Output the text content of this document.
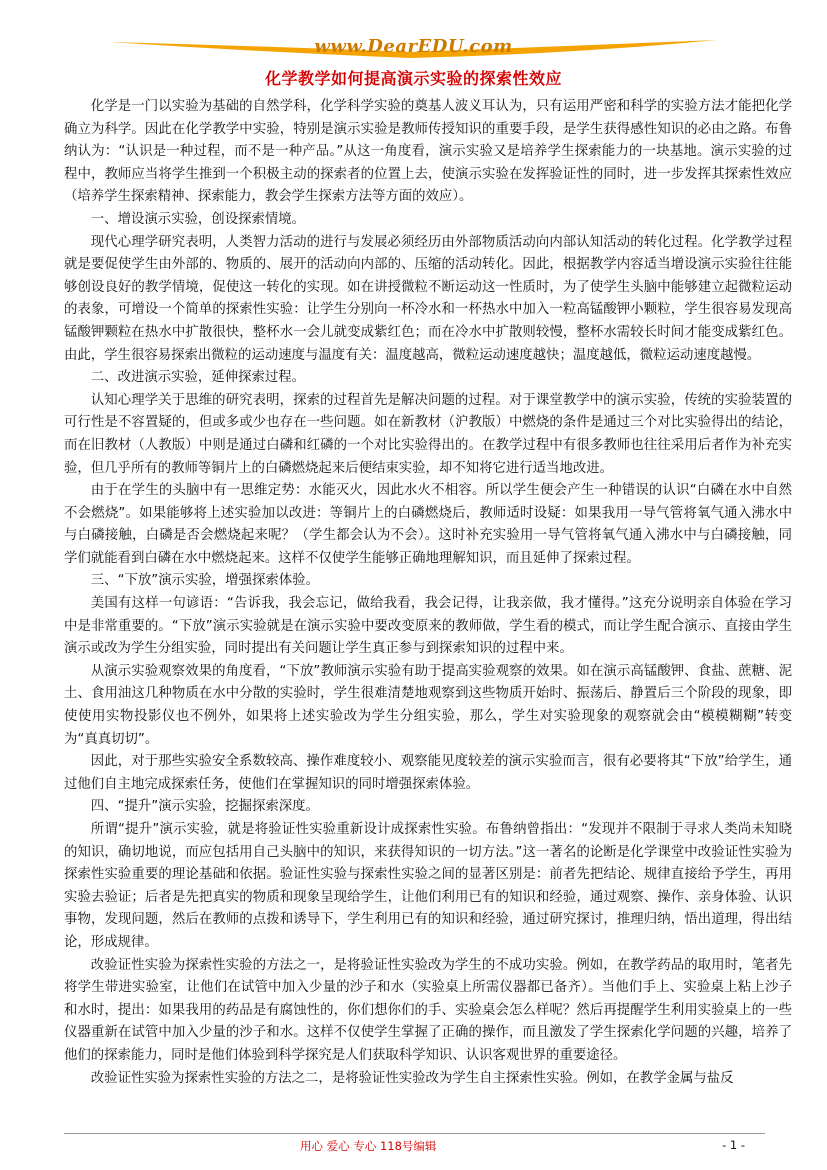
www.DearEDU.com
化学教学如何提高演示实验的探索性效应

化学是一门以实验为基础的自然学科，化学科学实验的奠基人波义耳认为，只有运用严密和科学的实验方法才能把化学确立为科学。因此在化学教学中实验，特别是演示实验是教师传授知识的重要手段，是学生获得感性知识的必由之路。布鲁纳认为：“认识是一种过程，而不是一种产品。”从这一角度看，演示实验又是培养学生探索能力的一块基地。演示实验的过程中，教师应当将学生推到一个积极主动的探索者的位置上去，使演示实验在发挥验证性的同时，进一步发挥其探索性效应（培养学生探索精神、探索能力，教会学生探索方法等方面的效应）。

一、增设演示实验，创设探索情境。

现代心理学研究表明，人类智力活动的进行与发展必须经历由外部物质活动向内部认知活动的转化过程。化学教学过程就是要促使学生由外部的、物质的、展开的活动向内部的、压缩的活动转化。因此，根据教学内容适当增设演示实验往往能够创设良好的教学情境，促使这一转化的实现。如在讲授微粒不断运动这一性质时，为了使学生头脑中能够建立起微粒运动的表象，可增设一个简单的探索性实验：让学生分别向一杯冷水和一杯热水中加入一粒高锰酸钾小颗粒，学生很容易发现高锰酸钾颗粒在热水中扩散很快，整杯水一会儿就变成紫红色；而在冷水中扩散则较慢，整杯水需较长时间才能变成紫红色。由此，学生很容易探索出微粒的运动速度与温度有关：温度越高，微粒运动速度越快；温度越低，微粒运动速度越慢。

二、改进演示实验，延伸探索过程。

认知心理学关于思维的研究表明，探索的过程首先是解决问题的过程。对于课堂教学中的演示实验，传统的实验装置的可行性是不容置疑的，但或多或少也存在一些问题。如在新教材（沪教版）中燃烧的条件是通过三个对比实验得出的结论，而在旧教材（人教版）中则是通过白磷和红磷的一个对比实验得出的。在教学过程中有很多教师也往往采用后者作为补充实验，但几乎所有的教师等铜片上的白磷燃烧起来后便结束实验，却不知将它进行适当地改进。

由于在学生的头脑中有一思维定势：水能灭火，因此水火不相容。所以学生便会产生一种错误的认识“白磷在水中自然不会燃烧”。如果能够将上述实验加以改进：等铜片上的白磷燃烧后，教师适时设疑：如果我用一导气管将氧气通入沸水中与白磷接触，白磷是否会燃烧起来呢？（学生都会认为不会）。这时补充实验用一导气管将氧气通入沸水中与白磷接触，同学们就能看到白磷在水中燃烧起来。这样不仅使学生能够正确地理解知识，而且延伸了探索过程。

三、“下放”演示实验，增强探索体验。

美国有这样一句谚语：“告诉我，我会忘记，做给我看，我会记得，让我亲做，我才懂得。”这充分说明亲自体验在学习中是非常重要的。“下放”演示实验就是在演示实验中要改变原来的教师做，学生看的模式，而让学生配合演示、直接由学生演示或改为学生分组实验，同时提出有关问题让学生真正参与到探索知识的过程中来。

从演示实验观察效果的角度看，“下放”教师演示实验有助于提高实验观察的效果。如在演示高锰酸钾、食盐、蔗糖、泥土、食用油这几种物质在水中分散的实验时，学生很难清楚地观察到这些物质开始时、振荡后、静置后三个阶段的现象，即使使用实物投影仪也不例外，如果将上述实验改为学生分组实验，那么，学生对实验现象的观察就会由“模模糊糊”转变为“真真切切”。

因此，对于那些实验安全系数较高、操作难度较小、观察能见度较差的演示实验而言，很有必要将其“下放”给学生，通过他们自主地完成探索任务，使他们在掌握知识的同时增强探索体验。

四、“提升”演示实验，挖掘探索深度。

所谓“提升”演示实验，就是将验证性实验重新设计成探索性实验。布鲁纳曾指出：“发现并不限制于寻求人类尚未知晓的知识，确切地说，而应包括用自己头脑中的知识，来获得知识的一切方法。”这一著名的论断是化学课堂中改验证性实验为探索性实验重要的理论基础和依据。验证性实验与探索性实验之间的显著区别是：前者先把结论、规律直接给予学生，再用实验去验证；后者是先把真实的物质和现象呈现给学生，让他们利用已有的知识和经验，通过观察、操作、亲身体验、认识事物，发现问题，然后在教师的点拨和诱导下，学生利用已有的知识和经验，通过研究探讨，推理归纳，悟出道理，得出结论，形成规律。

改验证性实验为探索性实验的方法之一，是将验证性实验改为学生的不成功实验。例如，在教学药品的取用时，笔者先将学生带进实验室，让他们在试管中加入少量的沙子和水（实验桌上所需仪器都已备齐）。当他们手上、实验桌上粘上沙子和水时，提出：如果我用的药品是有腐蚀性的，你们想你们的手、实验桌会怎么样呢？然后再提醒学生利用实验桌上的一些仪器重新在试管中加入少量的沙子和水。这样不仅使学生掌握了正确的操作，而且激发了学生探索化学问题的兴趣，培养了他们的探索能力，同时是他们体验到科学探究是人们获取科学知识、认识客观世界的重要途径。

改验证性实验为探索性实验的方法之二，是将验证性实验改为学生自主探索性实验。例如，在教学金属与盐反

用心 爱心 专心 118号编辑	- 1 -
